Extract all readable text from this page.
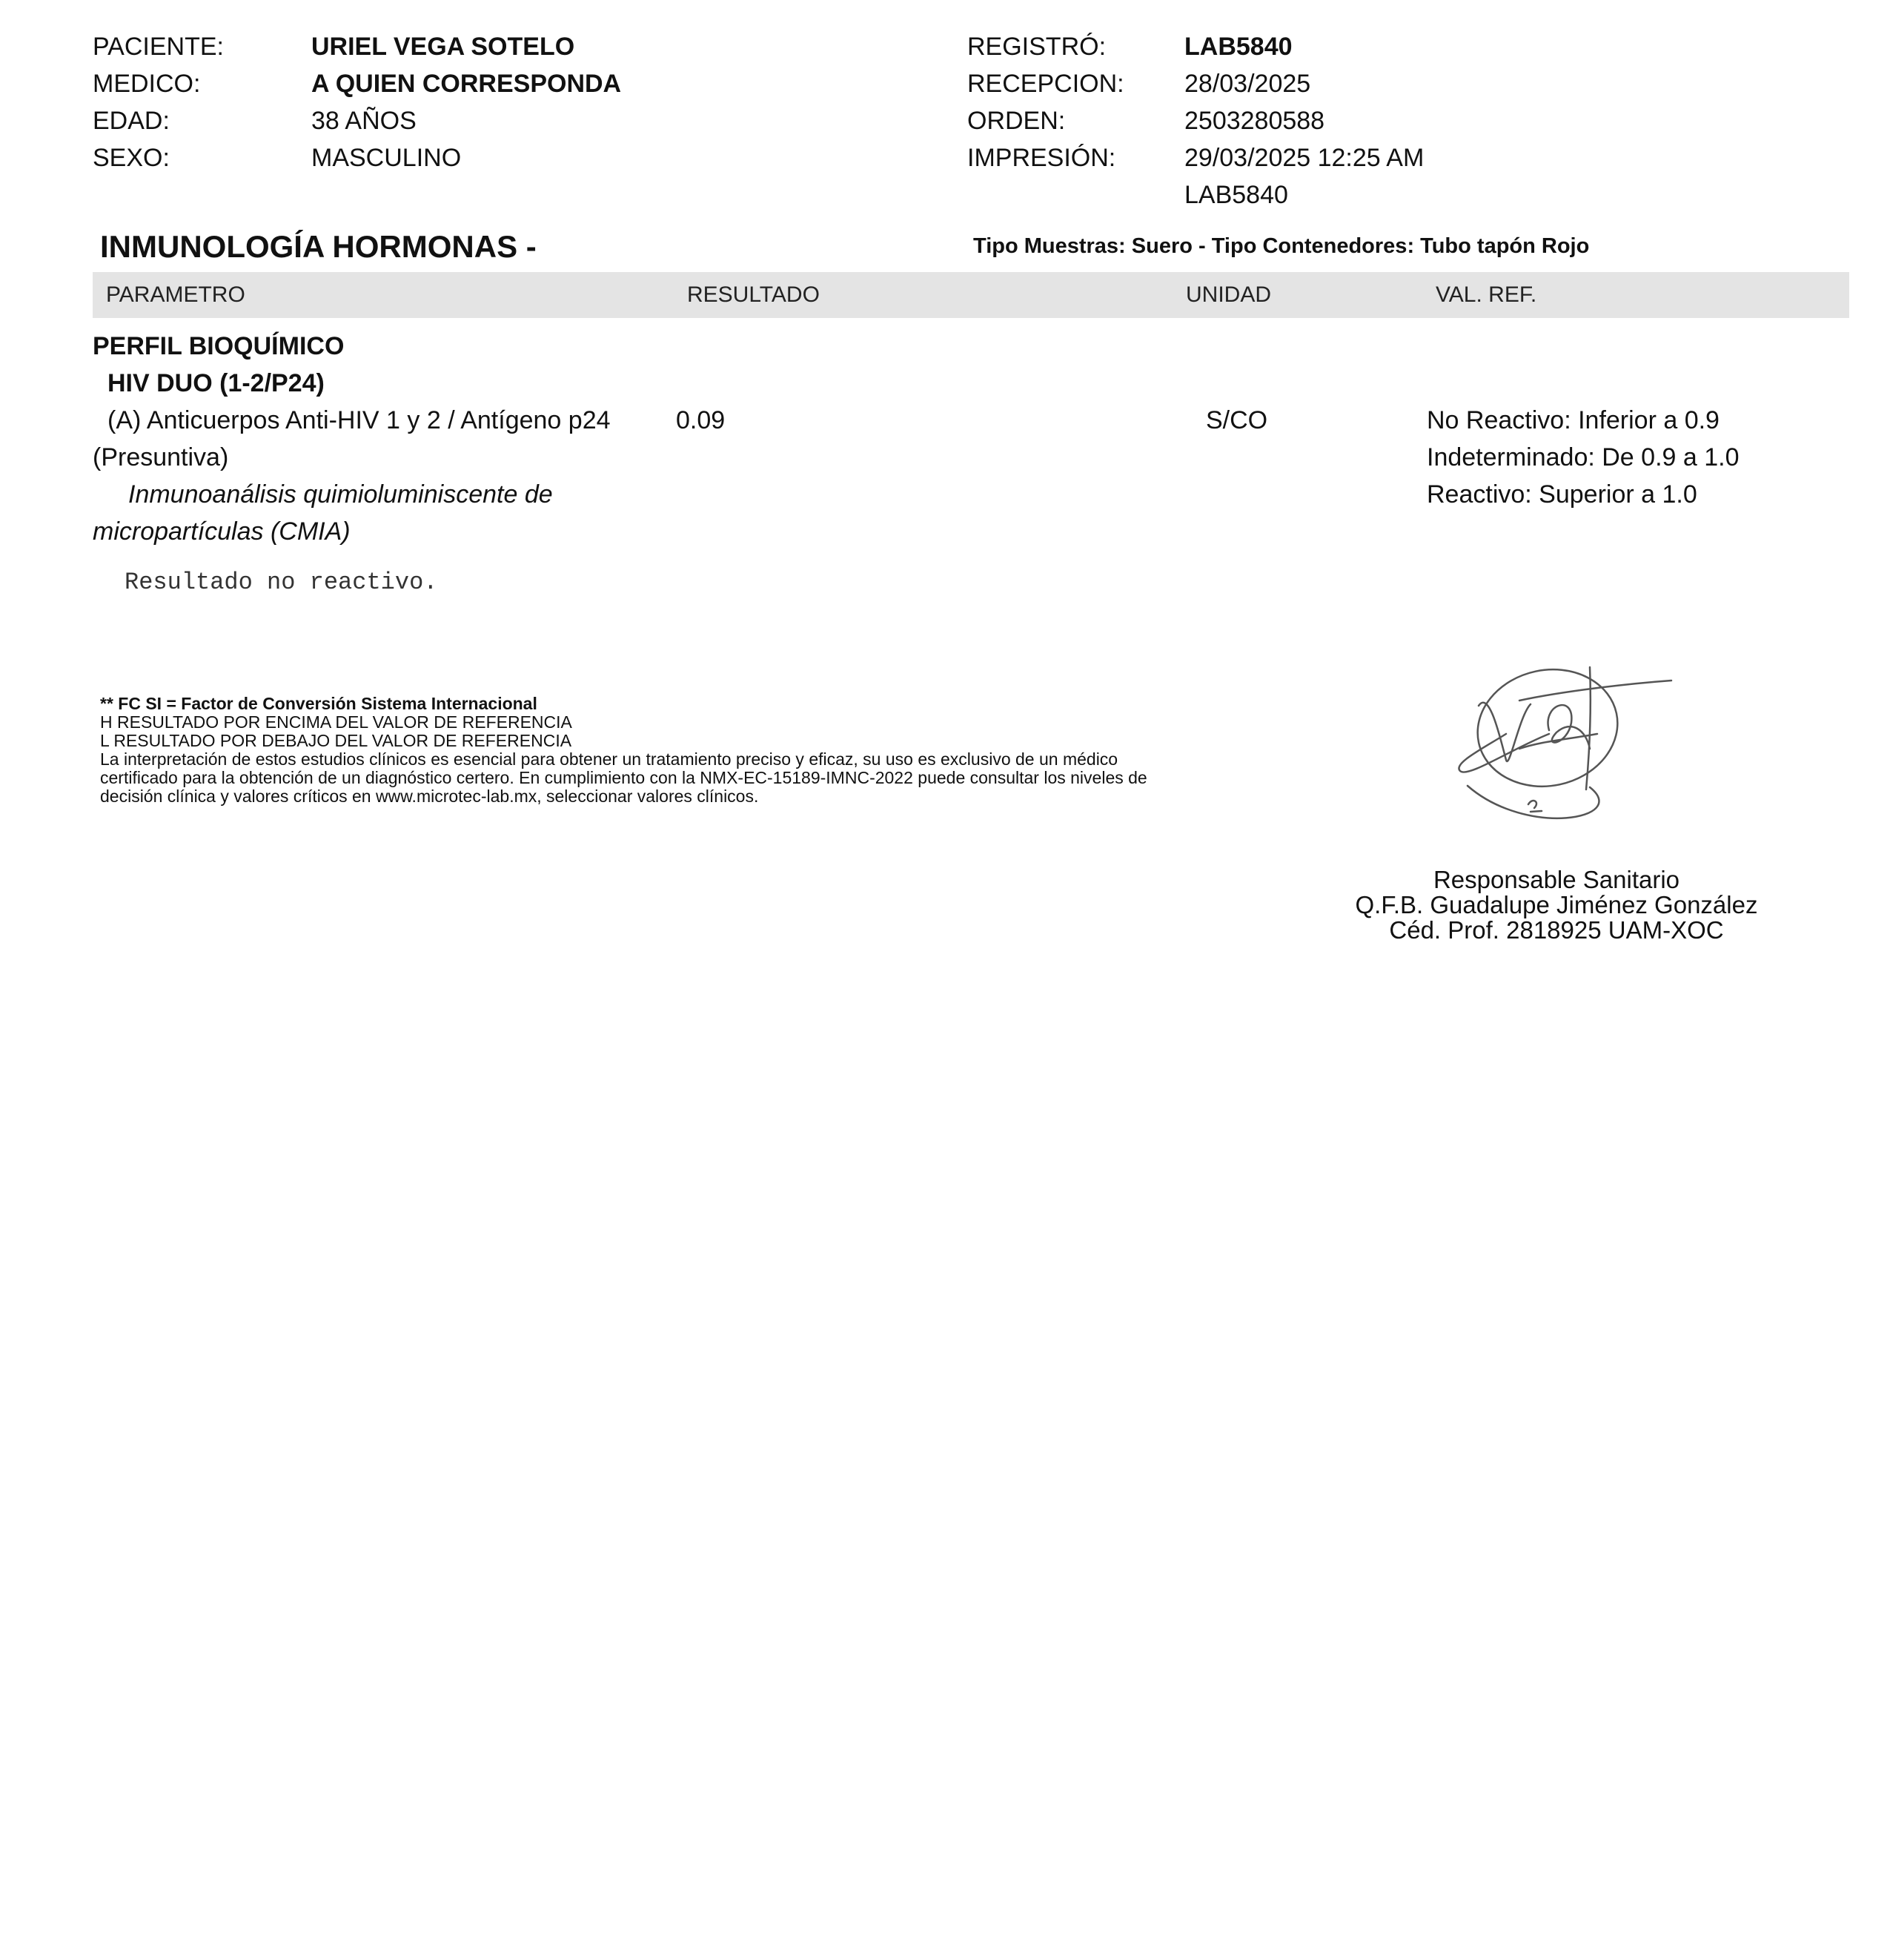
PACIENTE:	URIEL VEGA SOTELO
MEDICO:	A QUIEN CORRESPONDA
EDAD:	38 AÑOS
SEXO:	MASCULINO
REGISTRÓ:	LAB5840
RECEPCION: 28/03/2025
ORDEN:	2503280588
IMPRESIÓN:	29/03/2025 12:25 AM
LAB5840
INMUNOLOGÍA HORMONAS -	Tipo Muestras: Suero - Tipo Contenedores: Tubo tapón Rojo
PARAMETRO	RESULTADO	UNIDAD	VAL. REF.
PERFIL BIOQUÍMICO
HIV DUO (1-2/P24)
(A) Anticuerpos Anti-HIV 1 y 2 / Antígeno p24
(Presuntiva)
Inmunoanálisis quimioluminiscente de
micropartículas (CMIA)
0.09	S/CO	No Reactivo: Inferior a 0.9
Indeterminado: De 0.9 a 1.0
Reactivo: Superior a 1.0
Resultado no reactivo.
** FC SI = Factor de Conversión Sistema Internacional
H RESULTADO POR ENCIMA DEL VALOR DE REFERENCIA
L RESULTADO POR DEBAJO DEL VALOR DE REFERENCIA
La interpretación de estos estudios clínicos es esencial para obtener un tratamiento preciso y eficaz, su uso es exclusivo de un médico
certificado para la obtención de un diagnóstico certero. En cumplimiento con la NMX-EC-15189-IMNC-2022 puede consultar los niveles de
decisión clínica y valores críticos en www.microtec-lab.mx, seleccionar valores clínicos.
Responsable Sanitario
Q.F.B. Guadalupe Jiménez González
Céd. Prof. 2818925 UAM-XOC
